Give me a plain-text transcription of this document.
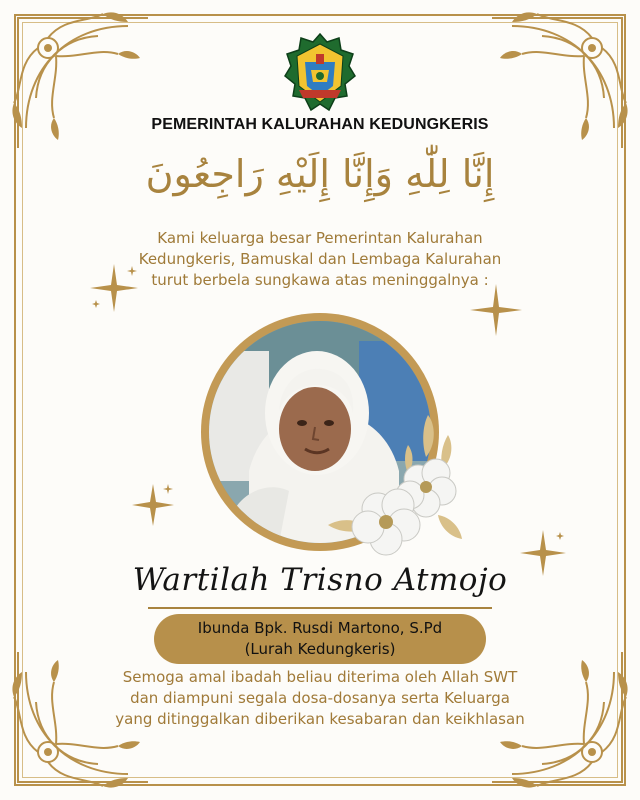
PEMERINTAH KALURAHAN KEDUNGKERIS
إِنَّا لِلّٰهِ وَإِنَّا إِلَيْهِ رَاجِعُونَ

Kami keluarga besar Pemerintan Kalurahan

Kedungkeris, Bamuskal dan Lembaga Kalurahan

turut berbela sungkawa atas meninggalnya :

Wartilah Trisno Atmojo
Ibunda Bpk. Rusdi Martono, S.Pd
(Lurah Kedungkeris)

Semoga amal ibadah beliau diterima oleh Allah SWT

dan diampuni segala dosa-dosanya serta Keluarga

yang ditinggalkan diberikan kesabaran dan keikhlasan
